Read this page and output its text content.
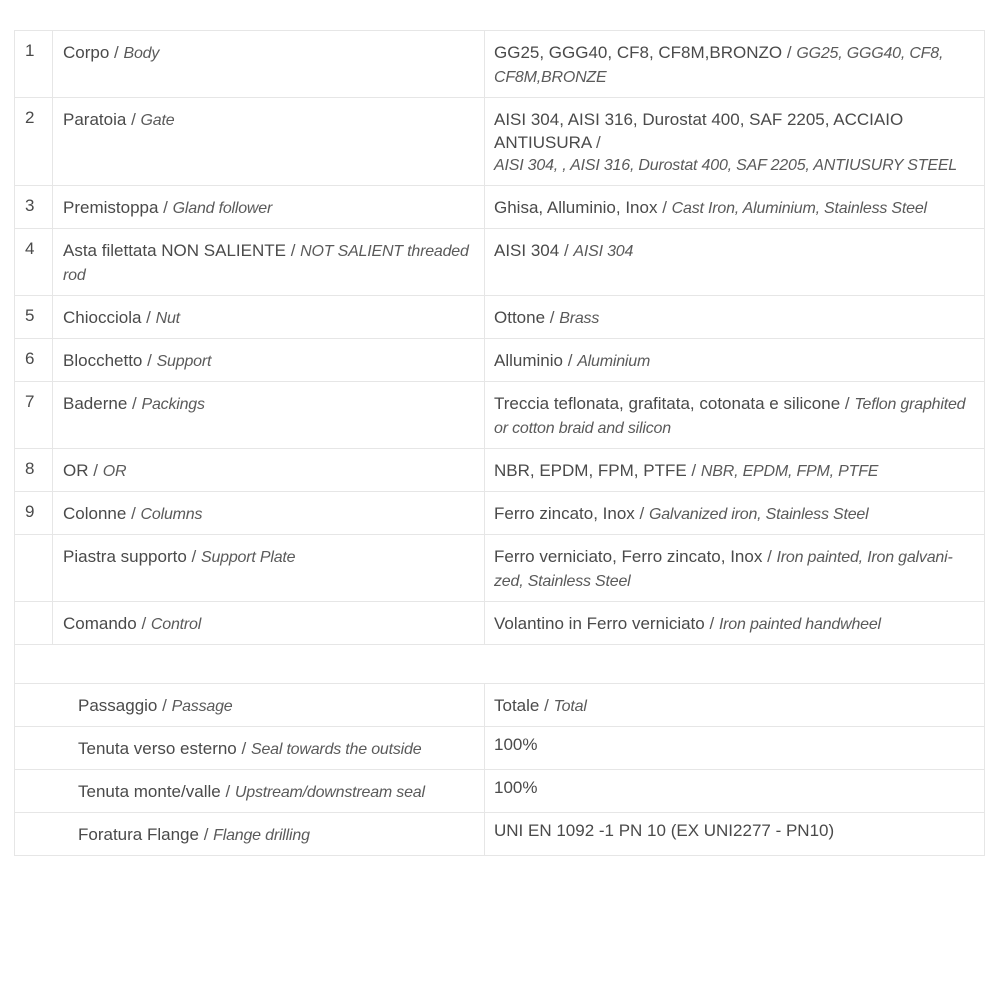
1	Corpo / Body	GG25, GGG40, CF8, CF8M,BRONZO / GG25, GGG40, CF8, CF8M,BRONZE
2	Paratoia / Gate	AISI 304, AISI 316, Durostat 400, SAF 2205, ACCIAIO ANTIUSURA /
AISI 304, , AISI 316, Durostat 400, SAF 2205, ANTIUSURY STEEL

3	Premistoppa / Gland follower	Ghisa, Alluminio, Inox / Cast Iron, Aluminium, Stainless Steel
4	Asta filettata NON SALIENTE / NOT SALIENT threaded rod	AISI 304 / AISI 304
5	Chiocciola / Nut	Ottone / Brass
6	Blocchetto / Support	Alluminio / Aluminium
7	Baderne / Packings	Treccia teflonata, grafitata, cotonata e silicone / Teflon graphited or cotton braid and silicon
8	OR / OR	NBR, EPDM, FPM, PTFE / NBR, EPDM, FPM, PTFE
9	Colonne / Columns	Ferro zincato, Inox / Galvanized iron, Stainless Steel
	Piastra supporto / Support Plate	Ferro verniciato, Ferro zincato, Inox / Iron painted, Iron galvani-zed, Stainless Steel
	Comando / Control	Volantino in Ferro verniciato / Iron painted handwheel

Passaggio / Passage		Totale / Total
Tenuta verso esterno / Seal towards the outside		100%
Tenuta monte/valle / Upstream/downstream seal		100%
Foratura Flange / Flange drilling		UNI EN 1092 -1 PN 10 (EX UNI2277 - PN10)
